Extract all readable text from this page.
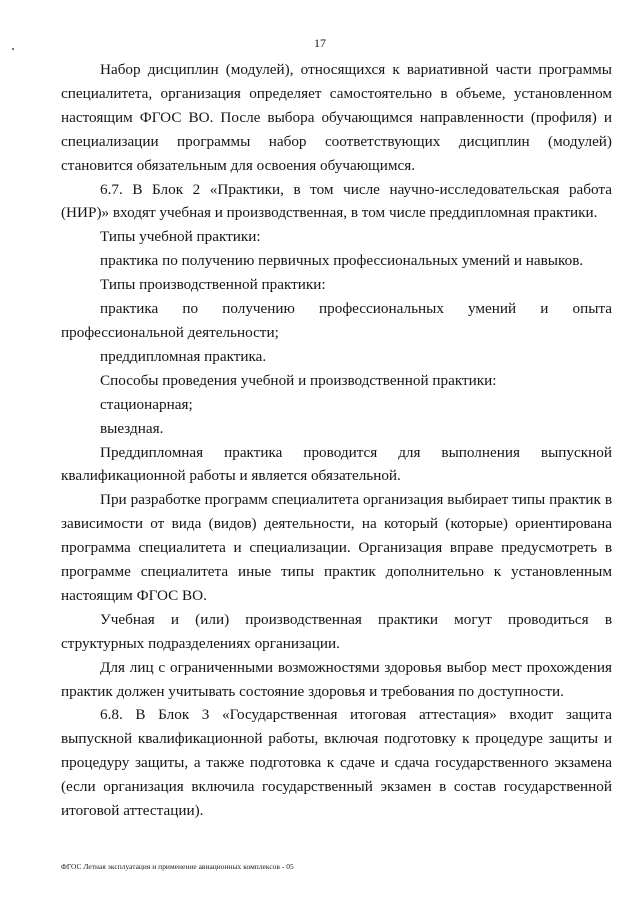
17

Набор дисциплин (модулей), относящихся к вариативной части программы специалитета, организация определяет самостоятельно в объеме, установленном настоящим ФГОС ВО. После выбора обучающимся направленности (профиля) и специализации программы набор соответствующих дисциплин (модулей) становится обязательным для освоения обучающимся.

6.7. В Блок 2 «Практики, в том числе научно-исследовательская работа (НИР)» входят учебная и производственная, в том числе преддипломная практики.

Типы учебной практики:

практика по получению первичных профессиональных умений и навыков.

Типы производственной практики:

практика по получению профессиональных умений и опыта профессиональной деятельности;

преддипломная практика.

Способы проведения учебной и производственной практики:

стационарная;

выездная.

Преддипломная практика проводится для выполнения выпускной квалификационной работы и является обязательной.

При разработке программ специалитета организация выбирает типы практик в зависимости от вида (видов) деятельности, на который (которые) ориентирована программа специалитета и специализации. Организация вправе предусмотреть в программе специалитета иные типы практик дополнительно к установленным настоящим ФГОС ВО.

Учебная и (или) производственная практики могут проводиться в структурных подразделениях организации.

Для лиц с ограниченными возможностями здоровья выбор мест прохождения практик должен учитывать состояние здоровья и требования по доступности.

6.8. В Блок 3 «Государственная итоговая аттестация» входит защита выпускной квалификационной работы, включая подготовку к процедуре защиты и процедуру защиты, а также подготовка к сдаче и сдача государственного экзамена (если организация включила государственный экзамен в состав государственной итоговой аттестации).

ФГОС Летная эксплуатация и применение авиационных комплексов - 05
